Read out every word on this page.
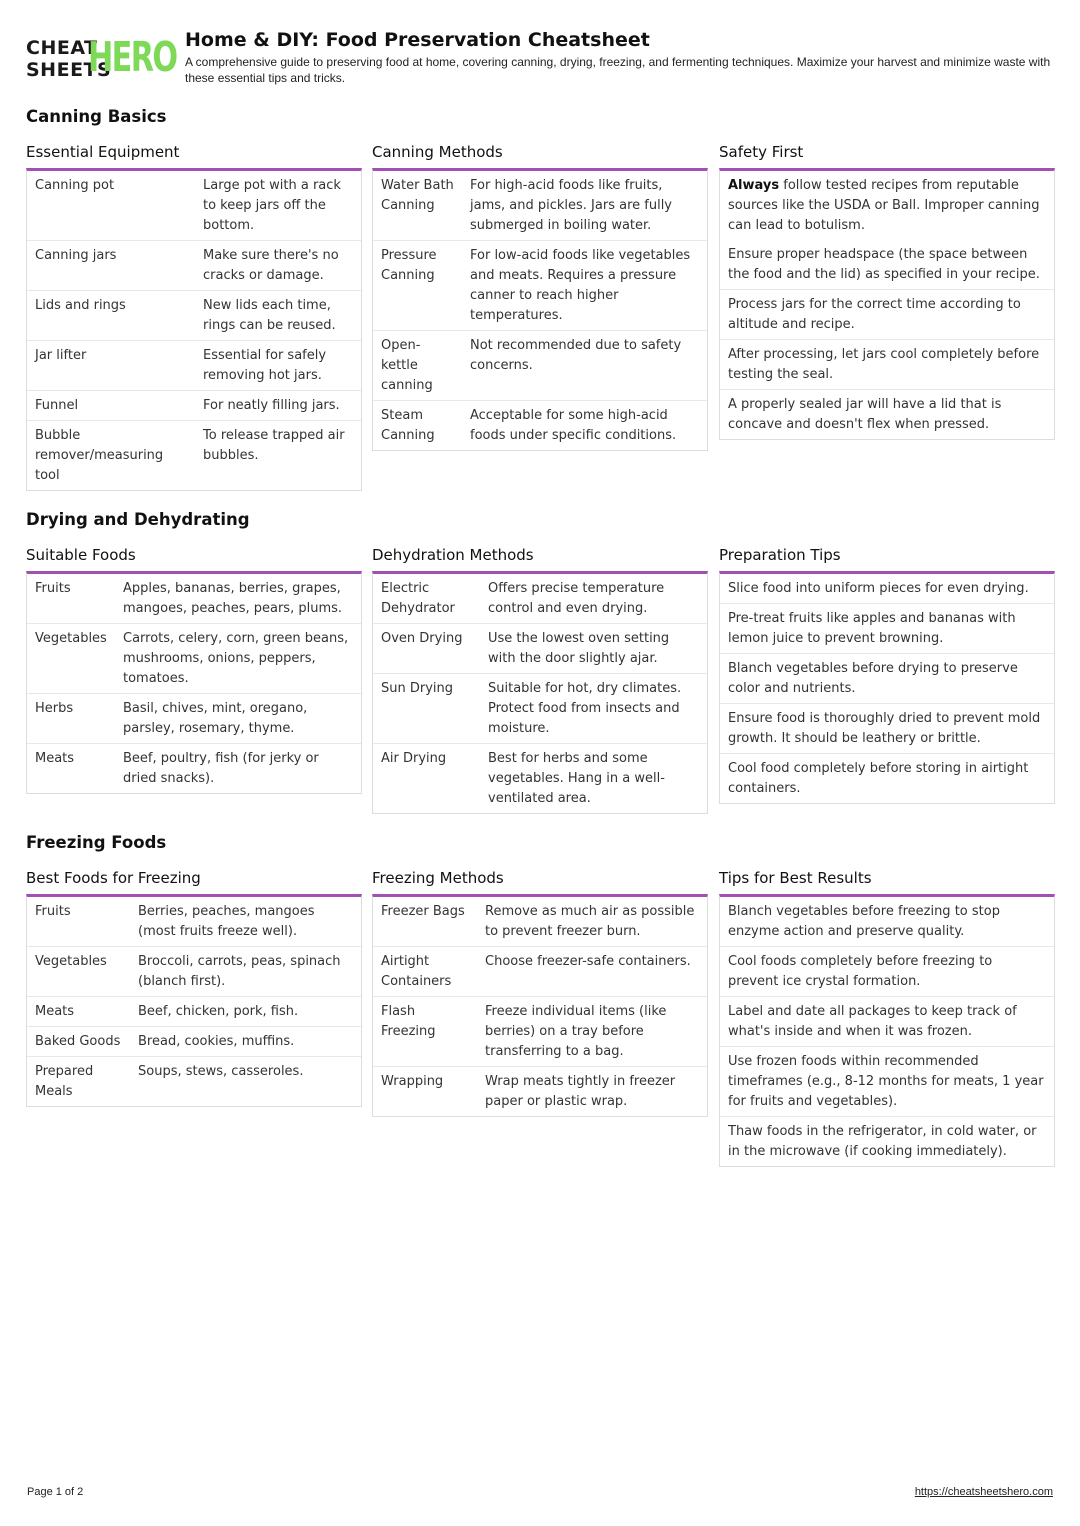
CHEAT
SHEETS
HERO Home & DIY: Food Preservation Cheatsheet
A comprehensive guide to preserving food at home, covering canning, drying, freezing, and fermenting techniques. Maximize your harvest and minimize waste with these essential tips and tricks.
Canning Basics
Essential Equipment
Canning pot	Large pot with a rack to keep jars off the bottom.
Canning jars	Make sure there's no cracks or damage.
Lids and rings	New lids each time, rings can be reused.
Jar lifter	Essential for safely removing hot jars.
Funnel	For neatly filling jars.
Bubble remover/measuring tool	To release trapped air bubbles.
Canning Methods
Water Bath Canning	For high-acid foods like fruits, jams, and pickles. Jars are fully submerged in boiling water.
Pressure Canning	For low-acid foods like vegetables and meats. Requires a pressure canner to reach higher temperatures.
Open-kettle canning	Not recommended due to safety concerns.
Steam Canning	Acceptable for some high-acid foods under specific conditions.
Safety First
Always follow tested recipes from reputable sources like the USDA or Ball. Improper canning can lead to botulism.
Ensure proper headspace (the space between the food and the lid) as specified in your recipe.
Process jars for the correct time according to altitude and recipe.
After processing, let jars cool completely before testing the seal.
A properly sealed jar will have a lid that is concave and doesn't flex when pressed.
Drying and Dehydrating
Suitable Foods
Fruits	Apples, bananas, berries, grapes, mangoes, peaches, pears, plums.
Vegetables	Carrots, celery, corn, green beans, mushrooms, onions, peppers, tomatoes.
Herbs	Basil, chives, mint, oregano, parsley, rosemary, thyme.
Meats	Beef, poultry, fish (for jerky or dried snacks).
Dehydration Methods
Electric Dehydrator	Offers precise temperature control and even drying.
Oven Drying	Use the lowest oven setting with the door slightly ajar.
Sun Drying	Suitable for hot, dry climates. Protect food from insects and moisture.
Air Drying	Best for herbs and some vegetables. Hang in a well-ventilated area.
Preparation Tips
Slice food into uniform pieces for even drying.
Pre-treat fruits like apples and bananas with lemon juice to prevent browning.
Blanch vegetables before drying to preserve color and nutrients.
Ensure food is thoroughly dried to prevent mold growth. It should be leathery or brittle.
Cool food completely before storing in airtight containers.
Freezing Foods
Best Foods for Freezing
Fruits	Berries, peaches, mangoes (most fruits freeze well).
Vegetables	Broccoli, carrots, peas, spinach (blanch first).
Meats	Beef, chicken, pork, fish.
Baked Goods	Bread, cookies, muffins.
Prepared Meals	Soups, stews, casseroles.
Freezing Methods
Freezer Bags	Remove as much air as possible to prevent freezer burn.
Airtight Containers	Choose freezer-safe containers.
Flash Freezing	Freeze individual items (like berries) on a tray before transferring to a bag.
Wrapping	Wrap meats tightly in freezer paper or plastic wrap.
Tips for Best Results
Blanch vegetables before freezing to stop enzyme action and preserve quality.
Cool foods completely before freezing to prevent ice crystal formation.
Label and date all packages to keep track of what's inside and when it was frozen.
Use frozen foods within recommended timeframes (e.g., 8-12 months for meats, 1 year for fruits and vegetables).
Thaw foods in the refrigerator, in cold water, or in the microwave (if cooking immediately).
Page 1 of 2	https://cheatsheetshero.com
